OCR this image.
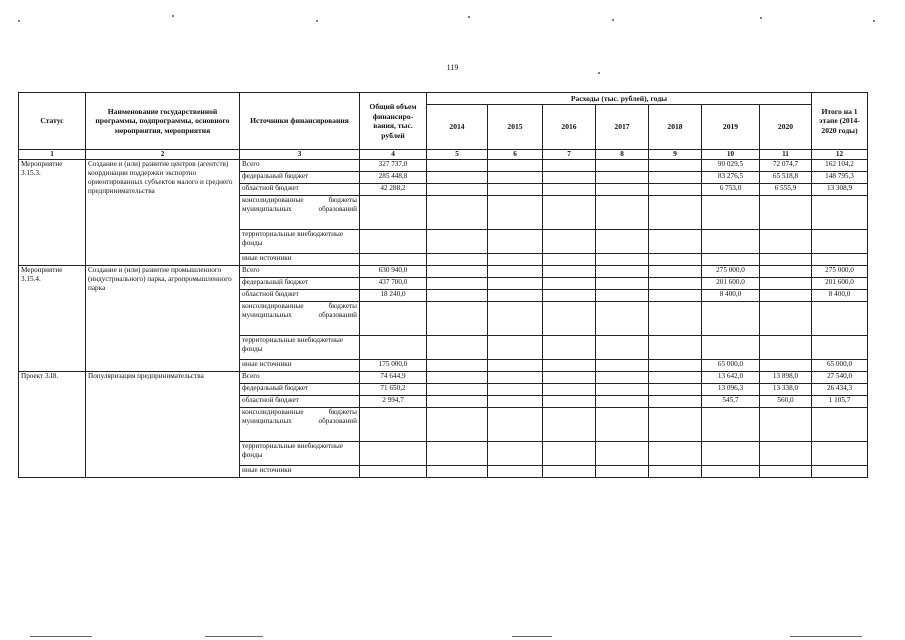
119
Статус	Наименование государственной программы, подпрограммы, основного мероприятия, мероприятия	Источники финансирования	Общий объем финансиро-вания, тыс. рублей	Расходы (тыс. рублей), годы							Итого на 1 этапе (2014-2020 годы)
				2014	2015	2016	2017	2018	2019	2020	
1	2	3	4	5	6	7	8	9	10	11	12
Мероприятие 3.15.3.	Создание и (или) развитие центров (агентств) координации поддержки экспортно ориентированных субъектов малого и среднего предпринимательства	Всего	327 737,0						90 029,5	72 074,7	162 104,2
		федеральный бюджет	285 448,8						83 276,5	65 518,8	148 795,3
		областной бюджет	42 288,2						6 753,0	6 555,9	13 308,9
		консолидированные бюджеты муниципальных образований									
		территориальные внебюджетные фонды									
		иные источники									
Мероприятие 3.15.4.	Создание и (или) развитие промышленного (индустриального) парка, агропромышленного парка	Всего	630 940,0						275 000,0		275 000,0
		федеральный бюджет	437 700,0						201 600,0		201 600,0
		областной бюджет	18 240,0						8 400,0		8 400,0
		консолидированные бюджеты муниципальных образований									
		территориальные внебюджетные фонды									
		иные источники	175 000,0						65 000,0		65 000,0
Проект 3.I8.	Популяризация предпринимательства	Всего	74 644,9						13 642,0	13 898,0	27 540,0
		федеральный бюджет	71 650,2						13 096,3	13 338,0	26 434,3
		областной бюджет	2 994,7						545,7	560,0	1 105,7
		консолидированные бюджеты муниципальных образований									
		территориальные внебюджетные фонды									
		иные источники									
